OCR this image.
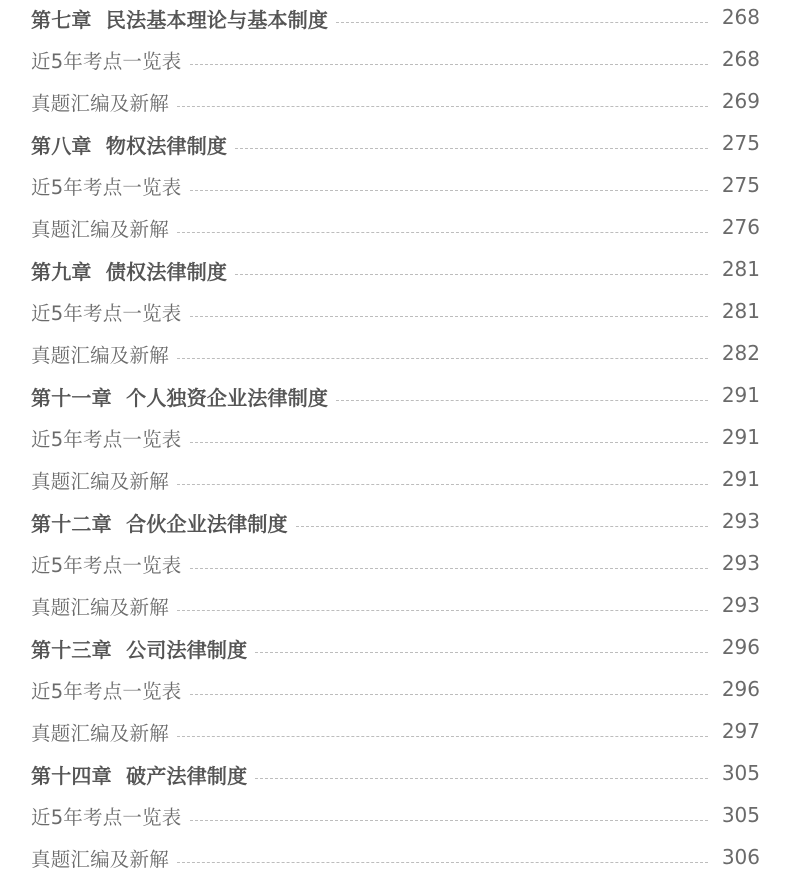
第七章  民法基本理论与基本制度	268
近5年考点一览表	268
真题汇编及新解	269
第八章  物权法律制度	275
近5年考点一览表	275
真题汇编及新解	276
第九章  债权法律制度	281
近5年考点一览表	281
真题汇编及新解	282
第十一章  个人独资企业法律制度	291
近5年考点一览表	291
真题汇编及新解	291
第十二章  合伙企业法律制度	293
近5年考点一览表	293
真题汇编及新解	293
第十三章  公司法律制度	296
近5年考点一览表	296
真题汇编及新解	297
第十四章  破产法律制度	305
近5年考点一览表	305
真题汇编及新解	306
